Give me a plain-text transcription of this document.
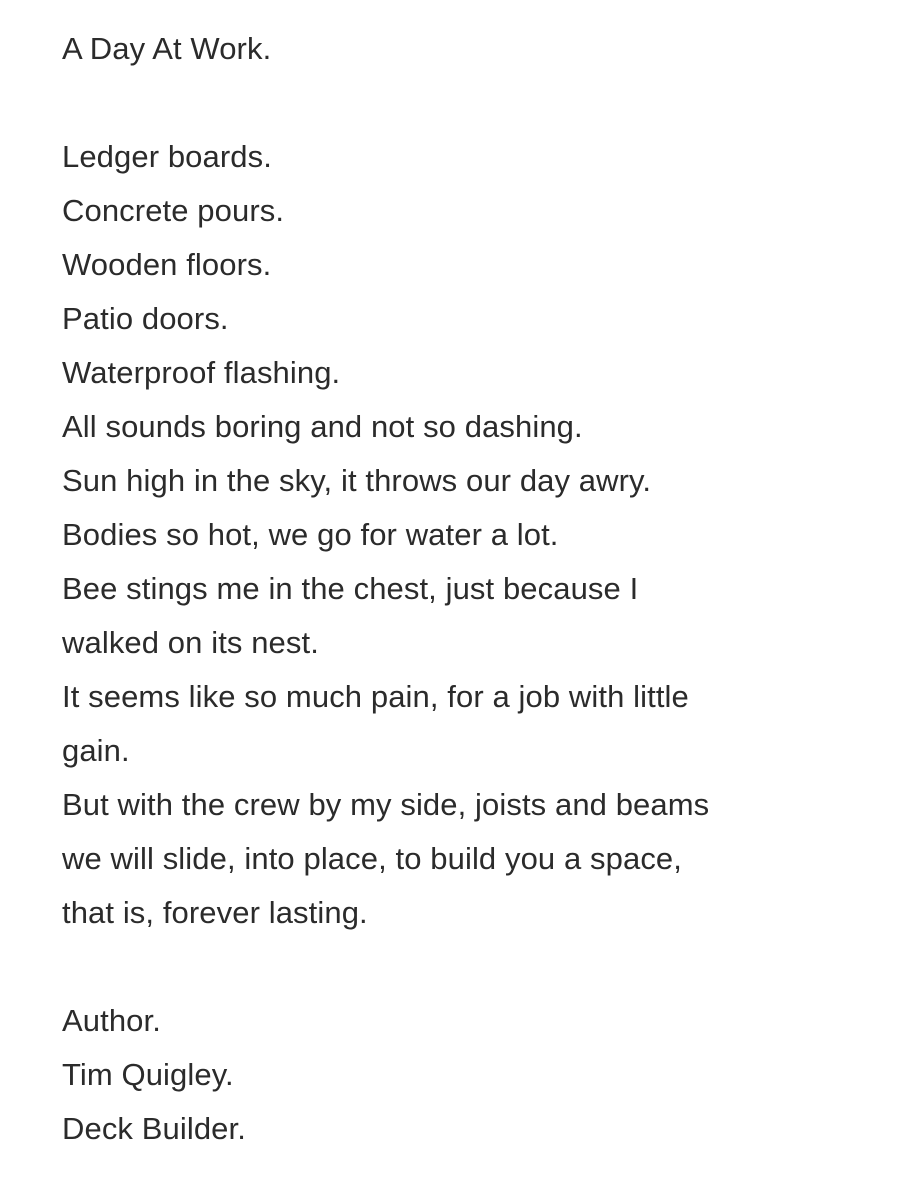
A Day At Work.
Ledger boards.
Concrete pours.
Wooden floors.
Patio doors.
Waterproof flashing.
All sounds boring and not so dashing.
Sun high in the sky, it throws our day awry.
Bodies so hot, we go for water a lot.
Bee stings me in the chest, just because I
walked on its nest.
It seems like so much pain, for a job with little
gain.
But with the crew by my side, joists and beams
we will slide, into place, to build you a space,
that is, forever lasting.
Author.
Tim Quigley.
Deck Builder.
